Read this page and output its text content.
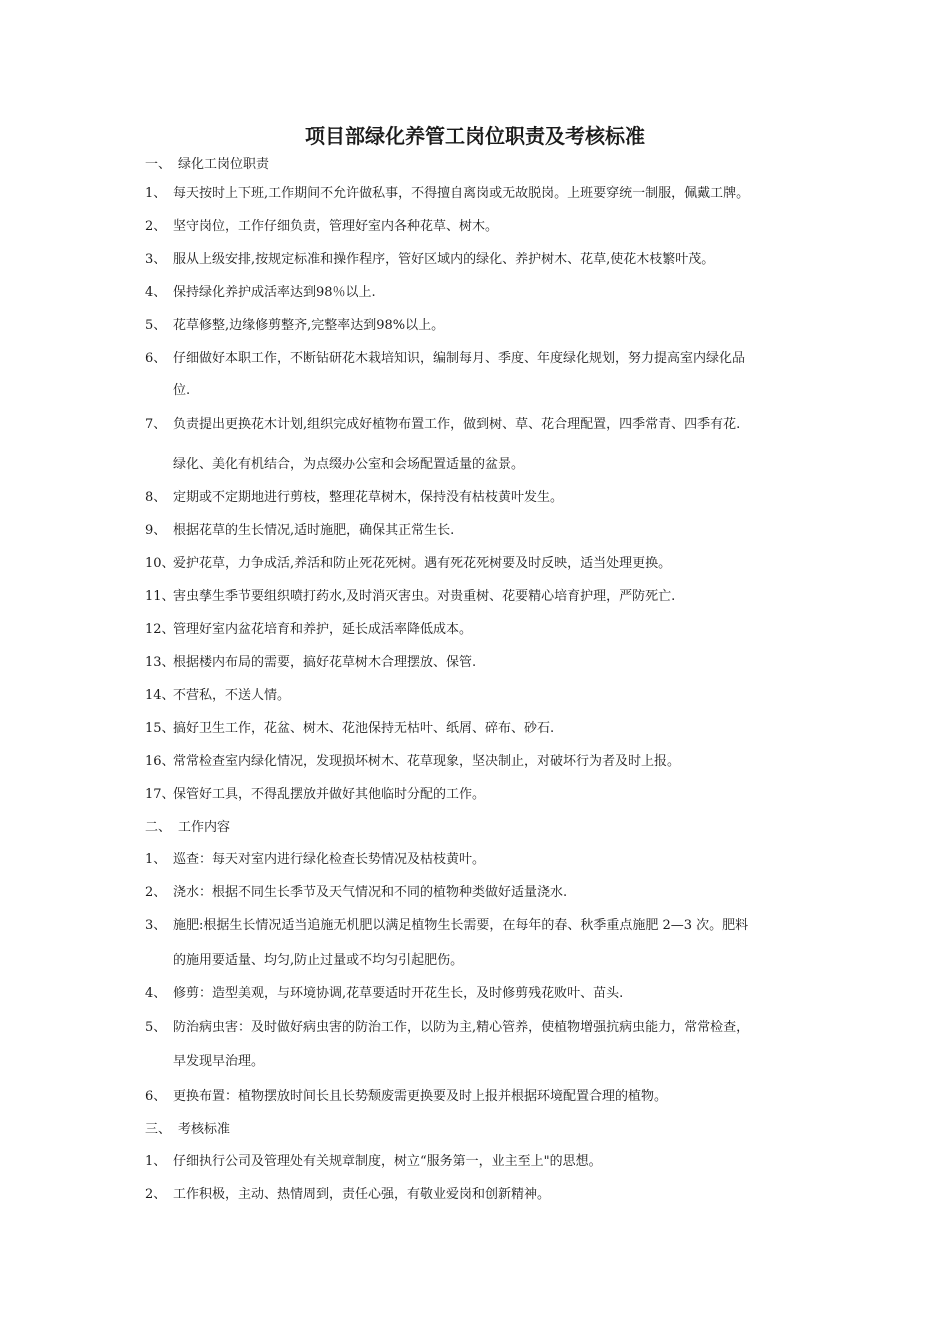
项目部绿化养管工岗位职责及考核标准
一、 绿化工岗位职责
1、 每天按时上下班,工作期间不允许做私事，不得擅自离岗或无故脱岗。上班要穿统一制服，佩戴工牌。
2、 坚守岗位，工作仔细负责，管理好室内各种花草、树木。
3、 服从上级安排,按规定标准和操作程序，管好区域内的绿化、养护树木、花草,使花木枝繁叶茂。
4、 保持绿化养护成活率达到98％以上.
5、 花草修整,边缘修剪整齐,完整率达到98%以上。
6、 仔细做好本职工作，不断钻研花木栽培知识，编制每月、季度、年度绿化规划，努力提高室内绿化品
位.
7、 负责提出更换花木计划,组织完成好植物布置工作，做到树、草、花合理配置，四季常青、四季有花.
绿化、美化有机结合，为点缀办公室和会场配置适量的盆景。
8、 定期或不定期地进行剪枝，整理花草树木，保持没有枯枝黄叶发生。
9、 根据花草的生长情况,适时施肥，确保其正常生长.
10、爱护花草，力争成活,养活和防止死花死树。遇有死花死树要及时反映，适当处理更换。
11、害虫孳生季节要组织喷打药水,及时消灭害虫。对贵重树、花要精心培育护理，严防死亡.
12、管理好室内盆花培育和养护，延长成活率降低成本。
13、根据楼内布局的需要，搞好花草树木合理摆放、保管.
14、不营私，不送人情。
15、搞好卫生工作，花盆、树木、花池保持无枯叶、纸屑、碎布、砂石.
16、常常检查室内绿化情况，发现损坏树木、花草现象，坚决制止，对破坏行为者及时上报。
17、保管好工具，不得乱摆放并做好其他临时分配的工作。
二、 工作内容
1、 巡查：每天对室内进行绿化检查长势情况及枯枝黄叶。
2、 浇水：根据不同生长季节及天气情况和不同的植物种类做好适量浇水.
3、 施肥:根据生长情况适当追施无机肥以满足植物生长需要，在每年的春、秋季重点施肥 2—3 次。肥料
的施用要适量、均匀,防止过量或不均匀引起肥伤。
4、 修剪：造型美观，与环境协调,花草要适时开花生长，及时修剪残花败叶、苗头.
5、 防治病虫害：及时做好病虫害的防治工作，以防为主,精心管养，使植物增强抗病虫能力，常常检查，
早发现早治理。
6、 更换布置：植物摆放时间长且长势颓废需更换要及时上报并根据环境配置合理的植物。
三、 考核标准
1、 仔细执行公司及管理处有关规章制度，树立“服务第一，业主至上"的思想。
2、 工作积极，主动、热情周到，责任心强，有敬业爱岗和创新精神。
